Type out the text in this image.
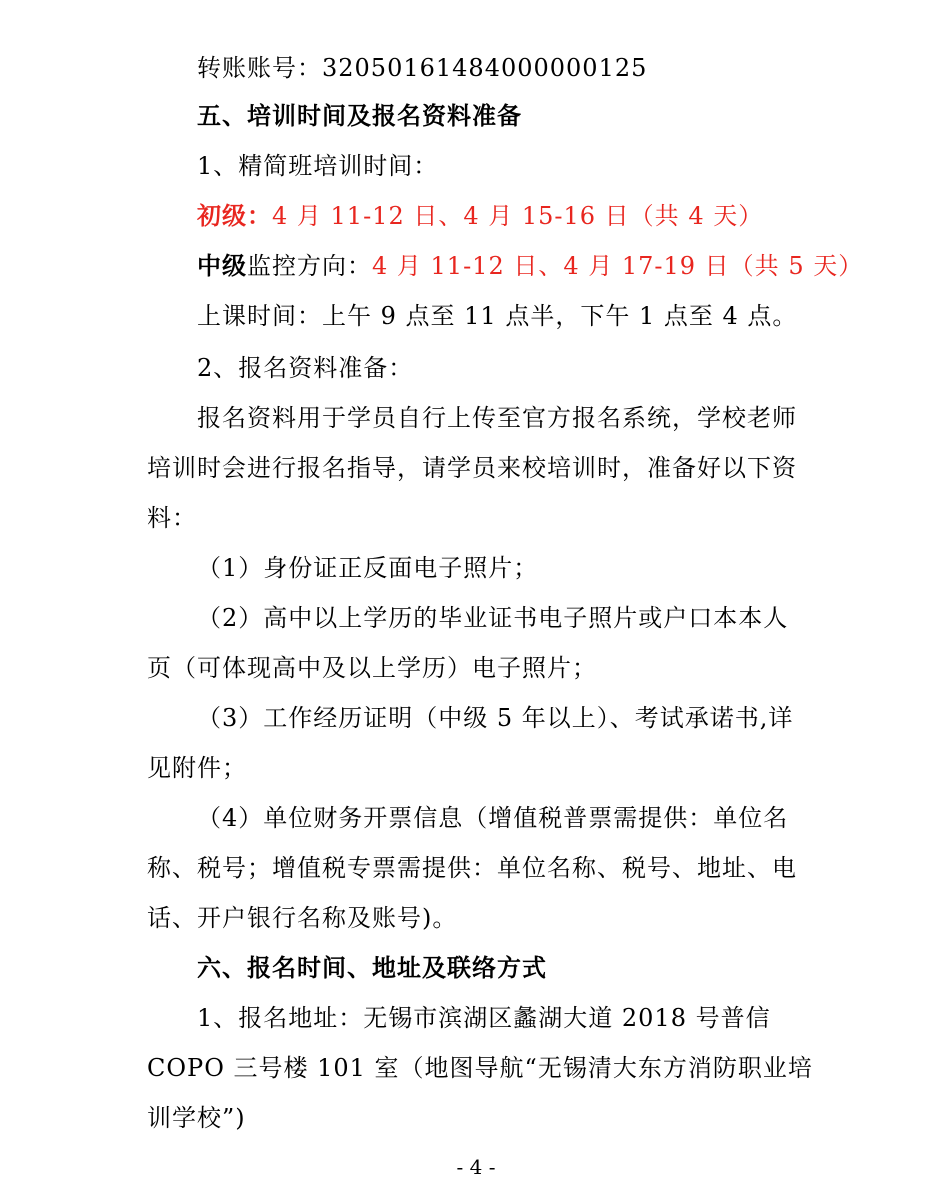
转账账号：32050161484000000125
五、培训时间及报名资料准备
1、精简班培训时间：
初级：4 月 11-12 日、4 月 15-16 日（共 4 天）
中级监控方向：4 月 11-12 日、4 月 17-19 日（共 5 天）
上课时间：上午 9 点至 11 点半，下午 1 点至 4 点。
2、报名资料准备：
报名资料用于学员自行上传至官方报名系统，学校老师
培训时会进行报名指导，请学员来校培训时，准备好以下资
料：
（1）身份证正反面电子照片；
（2）高中以上学历的毕业证书电子照片或户口本本人
页（可体现高中及以上学历）电子照片；
（3）工作经历证明（中级 5 年以上）、考试承诺书,详
见附件；
（4）单位财务开票信息（增值税普票需提供：单位名
称、税号；增值税专票需提供：单位名称、税号、地址、电
话、开户银行名称及账号)。
六、报名时间、地址及联络方式
1、报名地址：无锡市滨湖区蠡湖大道 2018 号普信
COPO 三号楼 101 室（地图导航“无锡清大东方消防职业培
训学校”)
- 4 -
